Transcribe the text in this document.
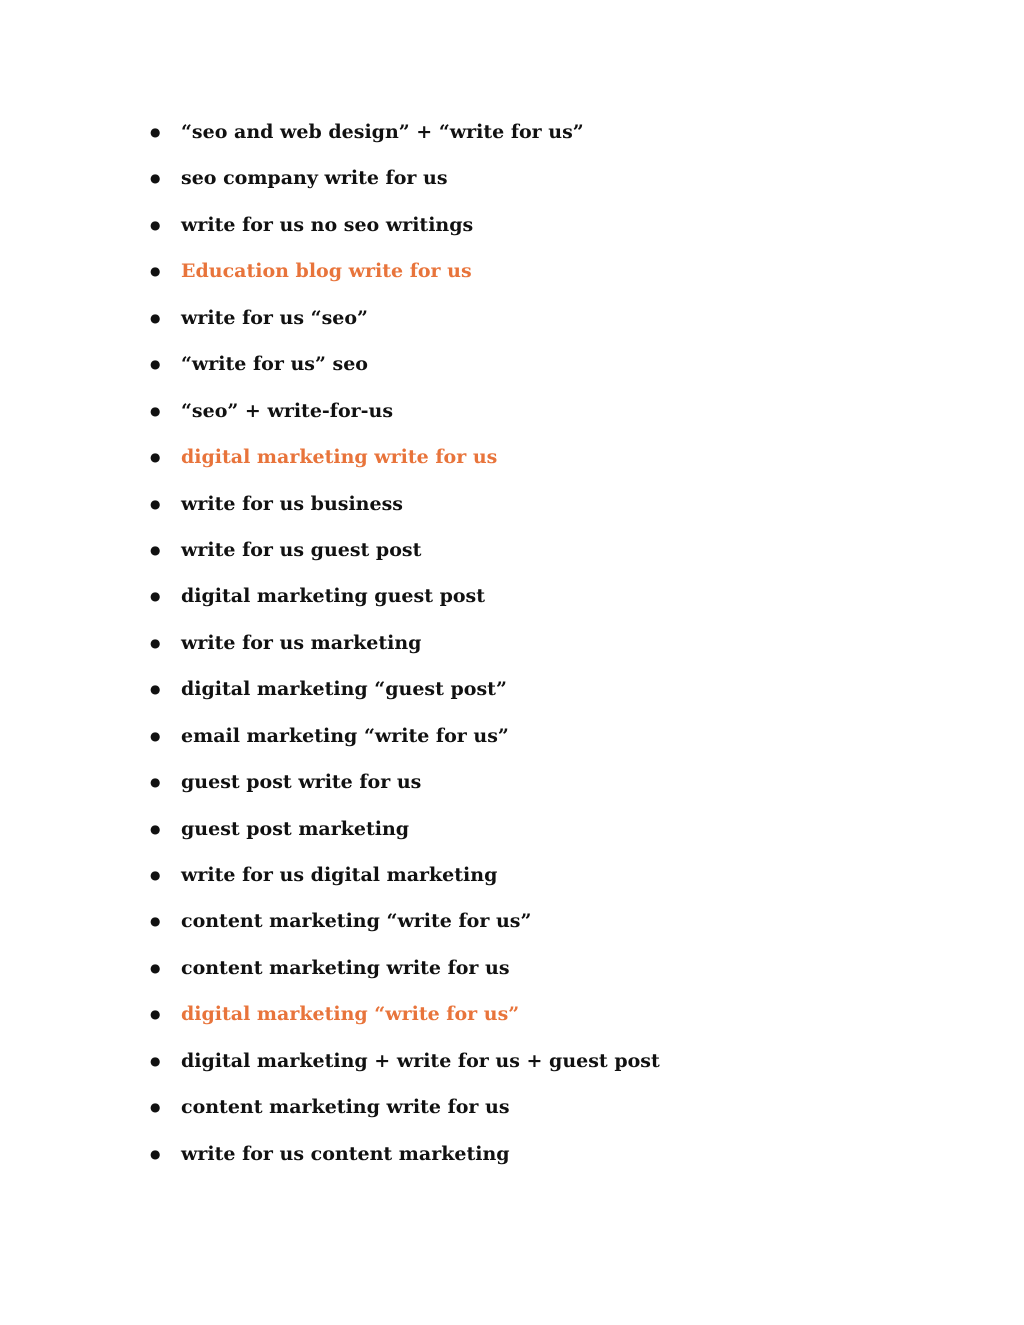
●	“seo and web design” + “write for us”
●	seo company write for us
●	write for us no seo writings
●	Education blog write for us
●	write for us “seo”
●	“write for us” seo
●	“seo” + write-for-us
●	digital marketing write for us
●	write for us business
●	write for us guest post
●	digital marketing guest post
●	write for us marketing
●	digital marketing “guest post”
●	email marketing “write for us”
●	guest post write for us
●	guest post marketing
●	write for us digital marketing
●	content marketing “write for us”
●	content marketing write for us
●	digital marketing “write for us”
●	digital marketing + write for us + guest post
●	content marketing write for us
●	write for us content marketing
